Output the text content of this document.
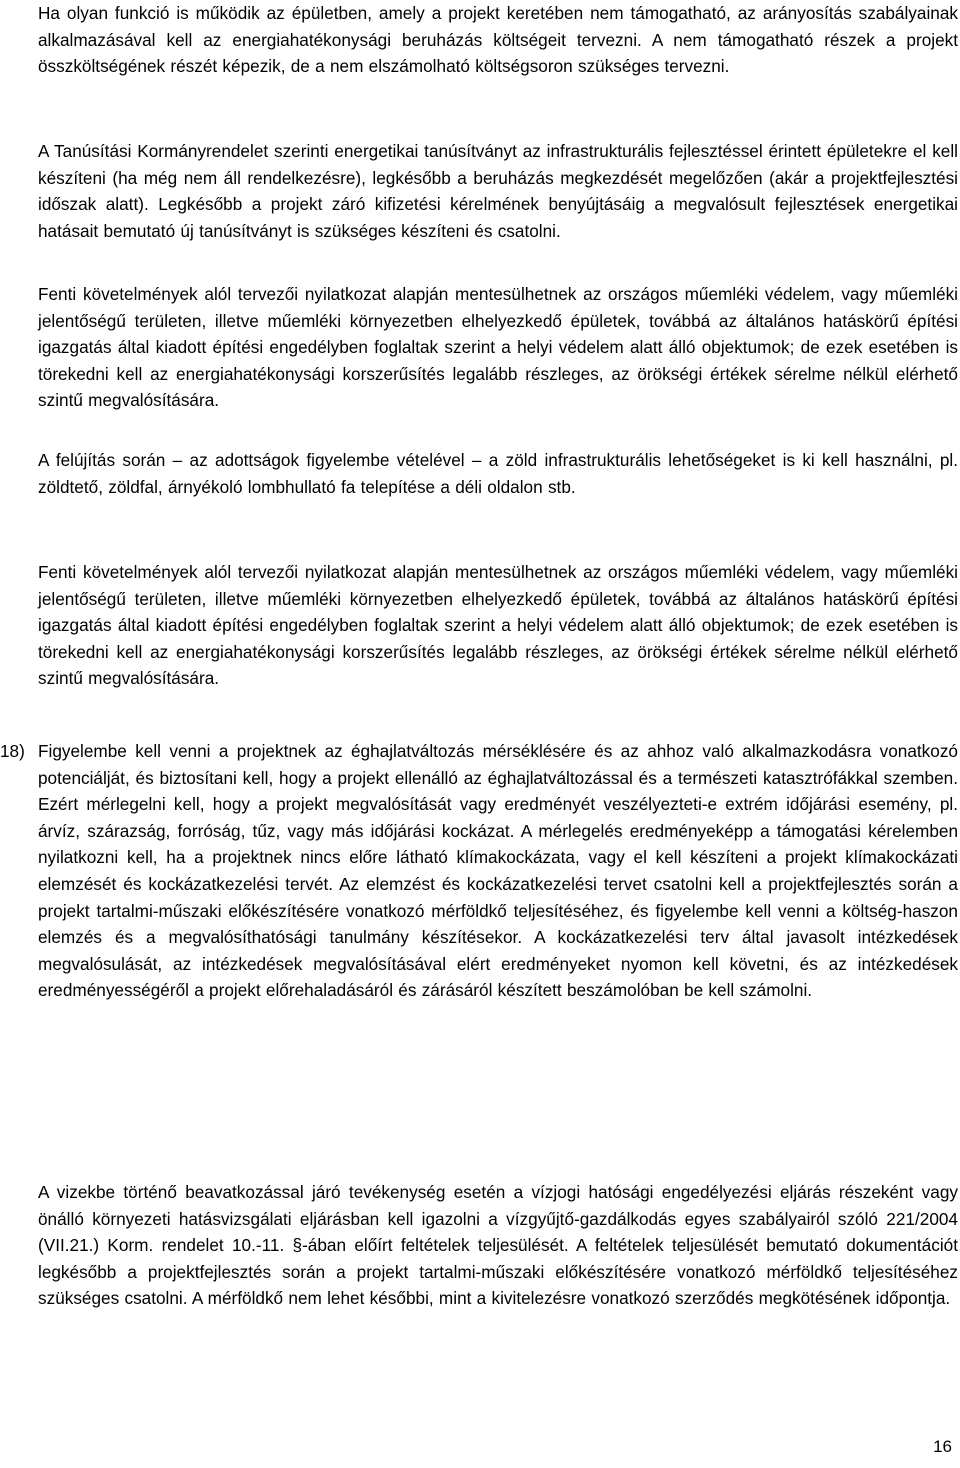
Ha olyan funkció is működik az épületben, amely a projekt keretében nem támogatható, az arányosítás szabályainak alkalmazásával kell az energiahatékonysági beruházás költségeit tervezni. A nem támogatható részek a projekt összköltségének részét képezik, de a nem elszámolható költségsoron szükséges tervezni.

A Tanúsítási Kormányrendelet szerinti energetikai tanúsítványt az infrastrukturális fejlesztéssel érintett épületekre el kell készíteni (ha még nem áll rendelkezésre), legkésőbb a beruházás megkezdését megelőzően (akár a projektfejlesztési időszak alatt). Legkésőbb a projekt záró kifizetési kérelmének benyújtásáig a megvalósult fejlesztések energetikai hatásait bemutató új tanúsítványt is szükséges készíteni és csatolni.

Fenti követelmények alól tervezői nyilatkozat alapján mentesülhetnek az országos műemléki védelem, vagy műemléki jelentőségű területen, illetve műemléki környezetben elhelyezkedő épületek, továbbá az általános hatáskörű építési igazgatás által kiadott építési engedélyben foglaltak szerint a helyi védelem alatt álló objektumok; de ezek esetében is törekedni kell az energiahatékonysági korszerűsítés legalább részleges, az örökségi értékek sérelme nélkül elérhető szintű megvalósítására.

A felújítás során – az adottságok figyelembe vételével – a zöld infrastrukturális lehetőségeket is ki kell használni, pl. zöldtető, zöldfal, árnyékoló lombhullató fa telepítése a déli oldalon stb.

Fenti követelmények alól tervezői nyilatkozat alapján mentesülhetnek az országos műemléki védelem, vagy műemléki jelentőségű területen, illetve műemléki környezetben elhelyezkedő épületek, továbbá az általános hatáskörű építési igazgatás által kiadott építési engedélyben foglaltak szerint a helyi védelem alatt álló objektumok; de ezek esetében is törekedni kell az energiahatékonysági korszerűsítés legalább részleges, az örökségi értékek sérelme nélkül elérhető szintű megvalósítására.

18) Figyelembe kell venni a projektnek az éghajlatváltozás mérséklésére és az ahhoz való alkalmazkodásra vonatkozó potenciálját, és biztosítani kell, hogy a projekt ellenálló az éghajlatváltozással és a természeti katasztrófákkal szemben. Ezért mérlegelni kell, hogy a projekt megvalósítását vagy eredményét veszélyezteti-e extrém időjárási esemény, pl. árvíz, szárazság, forróság, tűz, vagy más időjárási kockázat. A mérlegelés eredményeképp a támogatási kérelemben nyilatkozni kell, ha a projektnek nincs előre látható klímakockázata, vagy el kell készíteni a projekt klímakockázati elemzését és kockázatkezelési tervét. Az elemzést és kockázatkezelési tervet csatolni kell a projektfejlesztés során a projekt tartalmi-műszaki előkészítésére vonatkozó mérföldkő teljesítéséhez, és figyelembe kell venni a költség-haszon elemzés és a megvalósíthatósági tanulmány készítésekor. A kockázatkezelési terv által javasolt intézkedések megvalósulását, az intézkedések megvalósításával elért eredményeket nyomon kell követni, és az intézkedések eredményességéről a projekt előrehaladásáról és zárásáról készített beszámolóban be kell számolni.

A vizekbe történő beavatkozással járó tevékenység esetén a vízjogi hatósági engedélyezési eljárás részeként vagy önálló környezeti hatásvizsgálati eljárásban kell igazolni a vízgyűjtő-gazdálkodás egyes szabályairól szóló 221/2004 (VII.21.) Korm. rendelet 10.-11. §-ában előírt feltételek teljesülését. A feltételek teljesülését bemutató dokumentációt legkésőbb a projektfejlesztés során a projekt tartalmi-műszaki előkészítésére vonatkozó mérföldkő teljesítéséhez szükséges csatolni. A mérföldkő nem lehet későbbi, mint a kivitelezésre vonatkozó szerződés megkötésének időpontja.

16
